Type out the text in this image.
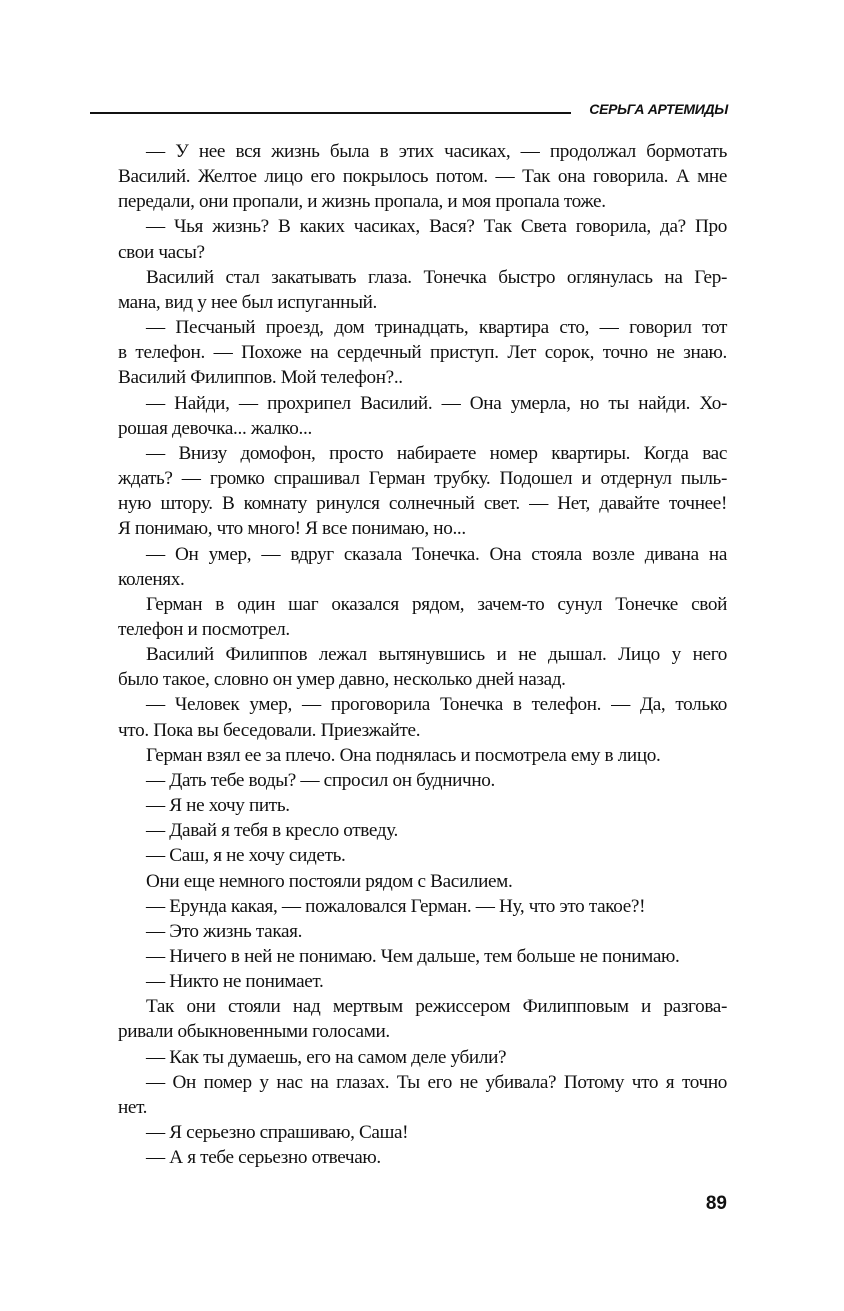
СЕРЬГА АРТЕМИДЫ
— У нее вся жизнь была в этих часиках, — продолжал бормотать
Василий. Желтое лицо его покрылось потом. — Так она говорила. А мне
передали, они пропали, и жизнь пропала, и моя пропала тоже.
— Чья жизнь? В каких часиках, Вася? Так Света говорила, да? Про
свои часы?
Василий стал закатывать глаза. Тонечка быстро оглянулась на Гер-
мана, вид у нее был испуганный.
— Песчаный проезд, дом тринадцать, квартира сто, — говорил тот
в телефон. — Похоже на сердечный приступ. Лет сорок, точно не знаю.
Василий Филиппов. Мой телефон?..
— Найди, — прохрипел Василий. — Она умерла, но ты найди. Хо-
рошая девочка... жалко...
— Внизу домофон, просто набираете номер квартиры. Когда вас
ждать? — громко спрашивал Герман трубку. Подошел и отдернул пыль-
ную штору. В комнату ринулся солнечный свет. — Нет, давайте точнее!
Я понимаю, что много! Я все понимаю, но...
— Он умер, — вдруг сказала Тонечка. Она стояла возле дивана на
коленях.
Герман в один шаг оказался рядом, зачем-то сунул Тонечке свой
телефон и посмотрел.
Василий Филиппов лежал вытянувшись и не дышал. Лицо у него
было такое, словно он умер давно, несколько дней назад.
— Человек умер, — проговорила Тонечка в телефон. — Да, только
что. Пока вы беседовали. Приезжайте.
Герман взял ее за плечо. Она поднялась и посмотрела ему в лицо.
— Дать тебе воды? — спросил он буднично.
— Я не хочу пить.
— Давай я тебя в кресло отведу.
— Саш, я не хочу сидеть.
Они еще немного постояли рядом с Василием.
— Ерунда какая, — пожаловался Герман. — Ну, что это такое?!
— Это жизнь такая.
— Ничего в ней не понимаю. Чем дальше, тем больше не понимаю.
— Никто не понимает.
Так они стояли над мертвым режиссером Филипповым и разгова-
ривали обыкновенными голосами.
— Как ты думаешь, его на самом деле убили?
— Он помер у нас на глазах. Ты его не убивала? Потому что я точно
нет.
— Я серьезно спрашиваю, Саша!
— А я тебе серьезно отвечаю.
89
